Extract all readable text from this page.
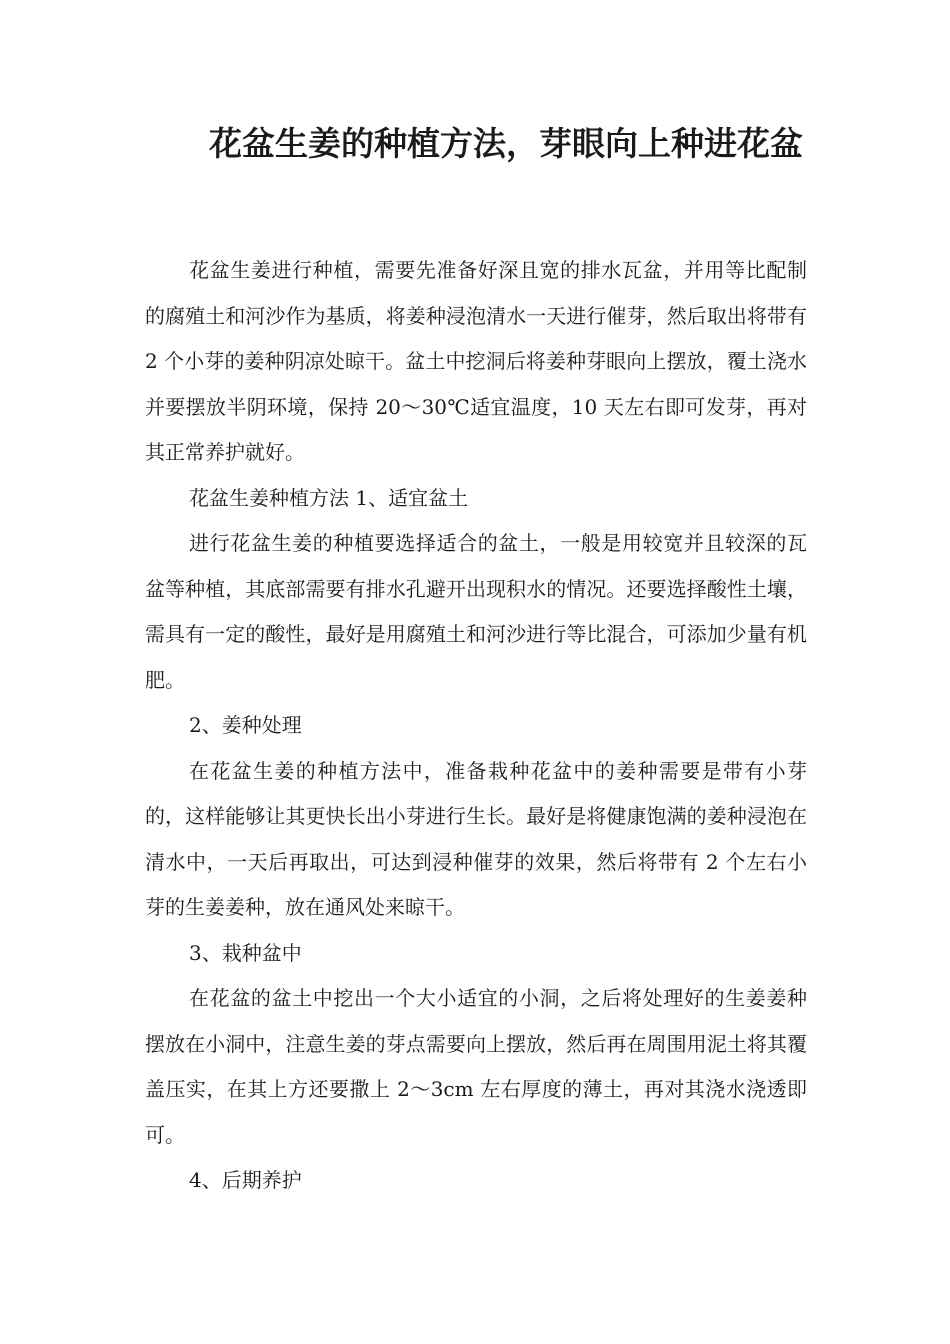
花盆生姜的种植方法，芽眼向上种进花盆

花盆生姜进行种植，需要先准备好深且宽的排水瓦盆，并用等比配制的腐殖土和河沙作为基质，将姜种浸泡清水一天进行催芽，然后取出将带有 2 个小芽的姜种阴凉处晾干。盆土中挖洞后将姜种芽眼向上摆放，覆土浇水并要摆放半阴环境，保持 20～30℃适宜温度，10 天左右即可发芽，再对其正常养护就好。

花盆生姜种植方法 1、适宜盆土

进行花盆生姜的种植要选择适合的盆土，一般是用较宽并且较深的瓦盆等种植，其底部需要有排水孔避开出现积水的情况。还要选择酸性土壤，需具有一定的酸性，最好是用腐殖土和河沙进行等比混合，可添加少量有机肥。

2、姜种处理

在花盆生姜的种植方法中，准备栽种花盆中的姜种需要是带有小芽的，这样能够让其更快长出小芽进行生长。最好是将健康饱满的姜种浸泡在清水中，一天后再取出，可达到浸种催芽的效果，然后将带有 2 个左右小芽的生姜姜种，放在通风处来晾干。

3、栽种盆中

在花盆的盆土中挖出一个大小适宜的小洞，之后将处理好的生姜姜种摆放在小洞中，注意生姜的芽点需要向上摆放，然后再在周围用泥土将其覆盖压实，在其上方还要撒上 2～3cm 左右厚度的薄土，再对其浇水浇透即可。

4、后期养护
